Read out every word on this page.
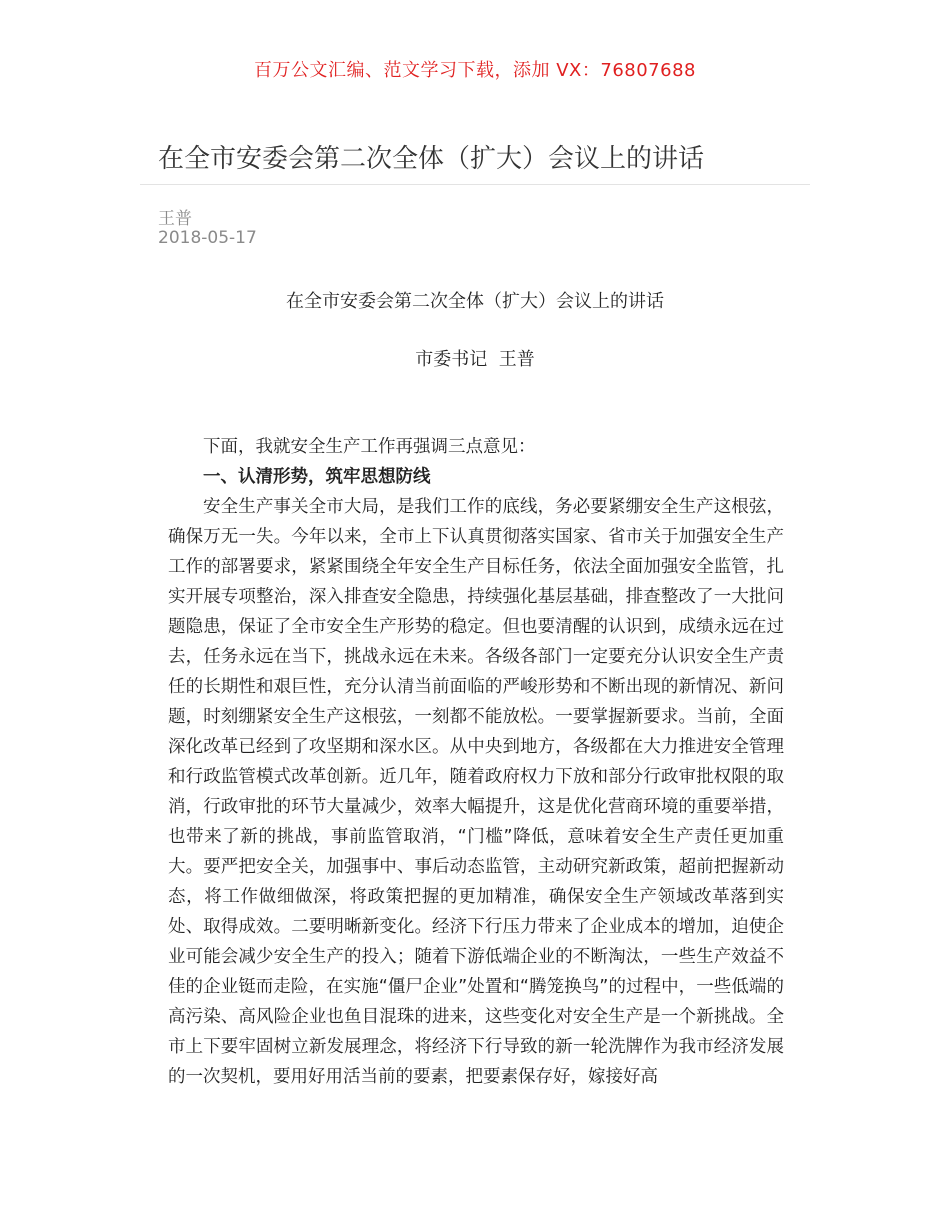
百万公文汇编、范文学习下载，添加 VX：76807688
在全市安委会第二次全体（扩大）会议上的讲话
王普
2018-05-17
在全市安委会第二次全体（扩大）会议上的讲话
市委书记  王普

下面，我就安全生产工作再强调三点意见：

一、认清形势，筑牢思想防线

安全生产事关全市大局，是我们工作的底线，务必要紧绷安全生产这根弦，确保万无一失。今年以来，全市上下认真贯彻落实国家、省市关于加强安全生产工作的部署要求，紧紧围绕全年安全生产目标任务，依法全面加强安全监管，扎实开展专项整治，深入排查安全隐患，持续强化基层基础，排查整改了一大批问题隐患，保证了全市安全生产形势的稳定。但也要清醒的认识到，成绩永远在过去，任务永远在当下，挑战永远在未来。各级各部门一定要充分认识安全生产责任的长期性和艰巨性，充分认清当前面临的严峻形势和不断出现的新情况、新问题，时刻绷紧安全生产这根弦，一刻都不能放松。一要掌握新要求。当前，全面深化改革已经到了攻坚期和深水区。从中央到地方，各级都在大力推进安全管理和行政监管模式改革创新。近几年，随着政府权力下放和部分行政审批权限的取消，行政审批的环节大量减少，效率大幅提升，这是优化营商环境的重要举措，也带来了新的挑战，事前监管取消，“门槛”降低，意味着安全生产责任更加重大。要严把安全关，加强事中、事后动态监管，主动研究新政策，超前把握新动态，将工作做细做深，将政策把握的更加精准，确保安全生产领域改革落到实处、取得成效。二要明晰新变化。经济下行压力带来了企业成本的增加，迫使企业可能会减少安全生产的投入；随着下游低端企业的不断淘汰，一些生产效益不佳的企业铤而走险，在实施“僵尸企业”处置和“腾笼换鸟”的过程中，一些低端的高污染、高风险企业也鱼目混珠的进来，这些变化对安全生产是一个新挑战。全市上下要牢固树立新发展理念，将经济下行导致的新一轮洗牌作为我市经济发展的一次契机，要用好用活当前的要素，把要素保存好，嫁接好高
